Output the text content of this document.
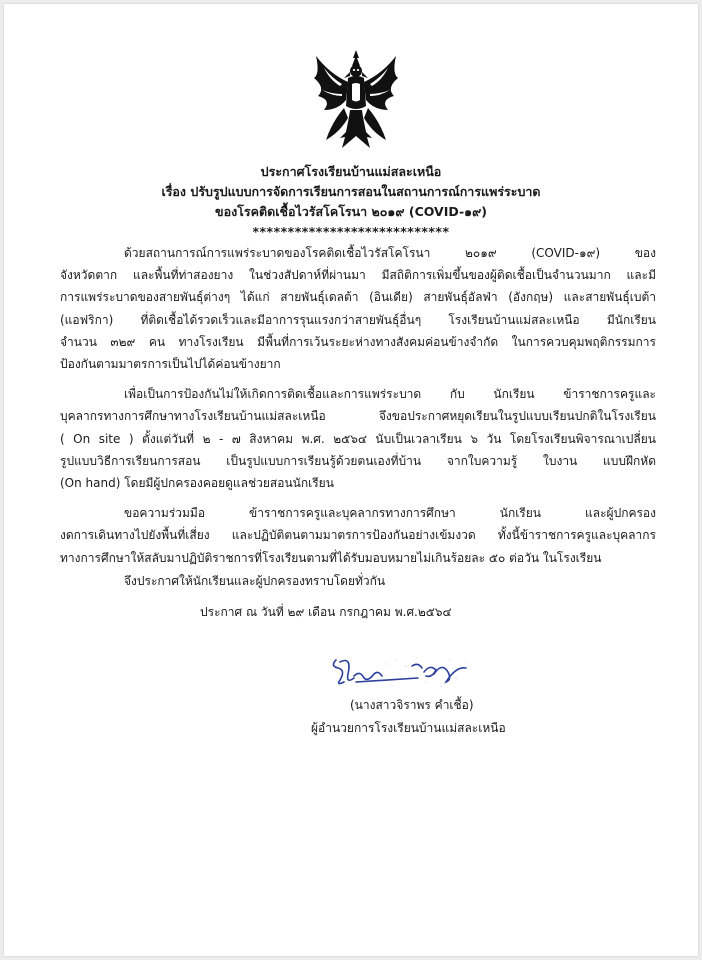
ประกาศโรงเรียนบ้านแม่สละเหนือ
เรื่อง ปรับรูปแบบการจัดการเรียนการสอนในสถานการณ์การแพร่ระบาด
ของโรคติดเชื้อไวรัสโคโรนา ๒๐๑๙ (COVID-๑๙)
****************************

ด้วยสถานการณ์การแพร่ระบาดของโรคติดเชื้อไวรัสโคโรนา ๒๐๑๙ (COVID-๑๙) ของ
จังหวัดตาก และพื้นที่ท่าสองยาง ในช่วงสัปดาห์ที่ผ่านมา มีสถิติการเพิ่มขึ้นของผู้ติดเชื้อเป็นจำนวนมาก และมี
การแพร่ระบาดของสายพันธุ์ต่างๆ ได้แก่ สายพันธุ์เดลต้า (อินเดีย) สายพันธุ์อัลฟ่า (อังกฤษ) และสายพันธุ์เบต้า
(แอฟริกา) ที่ติดเชื้อได้รวดเร็วและมีอาการรุนแรงกว่าสายพันธุ์อื่นๆ โรงเรียนบ้านแม่สละเหนือ มีนักเรียน
จำนวน ๓๒๙ คน ทางโรงเรียน มีพื้นที่การเว้นระยะห่างทางสังคมค่อนข้างจำกัด ในการควบคุมพฤติกรรมการ
ป้องกันตามมาตรการเป็นไปได้ค่อนข้างยาก

เพื่อเป็นการป้องกันไม่ให้เกิดการติดเชื้อและการแพร่ระบาด กับ นักเรียน ข้าราชการครูและ
บุคลากรทางการศึกษาทางโรงเรียนบ้านแม่สละเหนือ จึงขอประกาศหยุดเรียนในรูปแบบเรียนปกติในโรงเรียน
( On site ) ตั้งแต่วันที่ ๒ - ๗ สิงหาคม พ.ศ. ๒๕๖๔ นับเป็นเวลาเรียน ๖ วัน โดยโรงเรียนพิจารณาเปลี่ยน
รูปแบบวิธีการเรียนการสอน เป็นรูปแบบการเรียนรู้ด้วยตนเองที่บ้าน จากใบความรู้ ใบงาน แบบฝึกหัด
(On hand) โดยมีผู้ปกครองคอยดูแลช่วยสอนนักเรียน

ขอความร่วมมือ ข้าราชการครูและบุคลากรทางการศึกษา นักเรียน และผู้ปกครอง
งดการเดินทางไปยังพื้นที่เสี่ยง และปฏิบัติตนตามมาตรการป้องกันอย่างเข้มงวด ทั้งนี้ข้าราชการครูและบุคลากร
ทางการศึกษาให้สลับมาปฏิบัติราชการที่โรงเรียนตามที่ได้รับมอบหมายไม่เกินร้อยละ ๕๐ ต่อวัน ในโรงเรียน

จึงประกาศให้นักเรียนและผู้ปกครองทราบโดยทั่วกัน
ประกาศ ณ วันที่ ๒๙ เดือน กรกฎาคม พ.ศ.๒๕๖๔
(นางสาวจิราพร คำเชื้อ)
ผู้อำนวยการโรงเรียนบ้านแม่สละเหนือ
